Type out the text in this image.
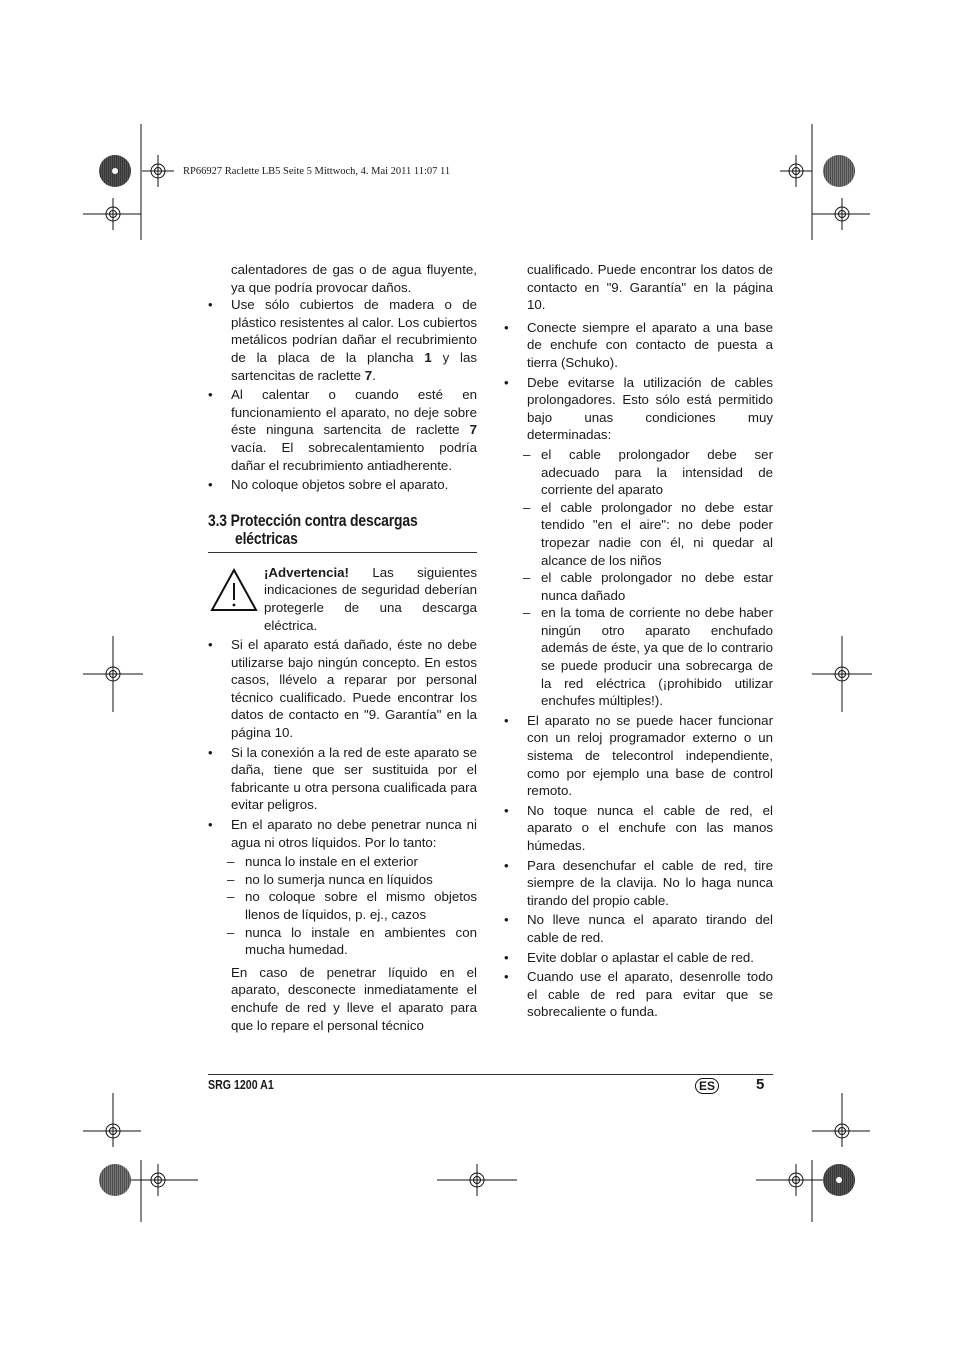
RP66927 Raclette LB5 Seite 5 Mittwoch, 4. Mai 2011 11:07 11

calentadores de gas o de agua fluyente, ya que podría provocar daños.

•	Use sólo cubiertos de madera o de plástico resistentes al calor. Los cubiertos metálicos podrían dañar el recubrimiento de la placa de la plancha 1 y las sartencitas de raclette 7.
•	Al calentar o cuando esté en funcionamiento el aparato, no deje sobre éste ninguna sartencita de raclette 7 vacía. El sobrecalentamiento podría dañar el recubrimiento antiadherente.
•	No coloque objetos sobre el aparato.
3.3 Protección contra descargas
eléctricas

¡Advertencia! Las siguientes indicaciones de seguridad deberían protegerle de una descarga eléctrica.

•	Si el aparato está dañado, éste no debe utilizarse bajo ningún concepto. En estos casos, llévelo a reparar por personal técnico cualificado. Puede encontrar los datos de contacto en "9. Garantía" en la página 10.
•	Si la conexión a la red de este aparato se daña, tiene que ser sustituida por el fabricante u otra persona cualificada para evitar peligros.
•	En el aparato no debe penetrar nunca ni agua ni otros líquidos. Por lo tanto:
– nunca lo instale en el exterior
– no lo sumerja nunca en líquidos
– no coloque sobre el mismo objetos llenos de líquidos, p. ej., cazos
– nunca lo instale en ambientes con mucha humedad.

En caso de penetrar líquido en el aparato, desconecte inmediatamente el enchufe de red y lleve el aparato para que lo repare el personal técnico

cualificado. Puede encontrar los datos de contacto en "9. Garantía" en la página 10.

•	Conecte siempre el aparato a una base de enchufe con contacto de puesta a tierra (Schuko).
•	Debe evitarse la utilización de cables prolongadores. Esto sólo está permitido bajo unas condiciones muy determinadas:
– el cable prolongador debe ser adecuado para la intensidad de corriente del aparato
– el cable prolongador no debe estar tendido "en el aire": no debe poder tropezar nadie con él, ni quedar al alcance de los niños
– el cable prolongador no debe estar nunca dañado
– en la toma de corriente no debe haber ningún otro aparato enchufado además de éste, ya que de lo contrario se puede producir una sobrecarga de la red eléctrica (¡prohibido utilizar enchufes múltiples!).
•	El aparato no se puede hacer funcionar con un reloj programador externo o un sistema de telecontrol independiente, como por ejemplo una base de control remoto.
•	No toque nunca el cable de red, el aparato o el enchufe con las manos húmedas.
•	Para desenchufar el cable de red, tire siempre de la clavija. No lo haga nunca tirando del propio cable.
•	No lleve nunca el aparato tirando del cable de red.
•	Evite doblar o aplastar el cable de red.
•	Cuando use el aparato, desenrolle todo el cable de red para evitar que se sobrecaliente o funda.
SRG 1200 A1	ES	5
